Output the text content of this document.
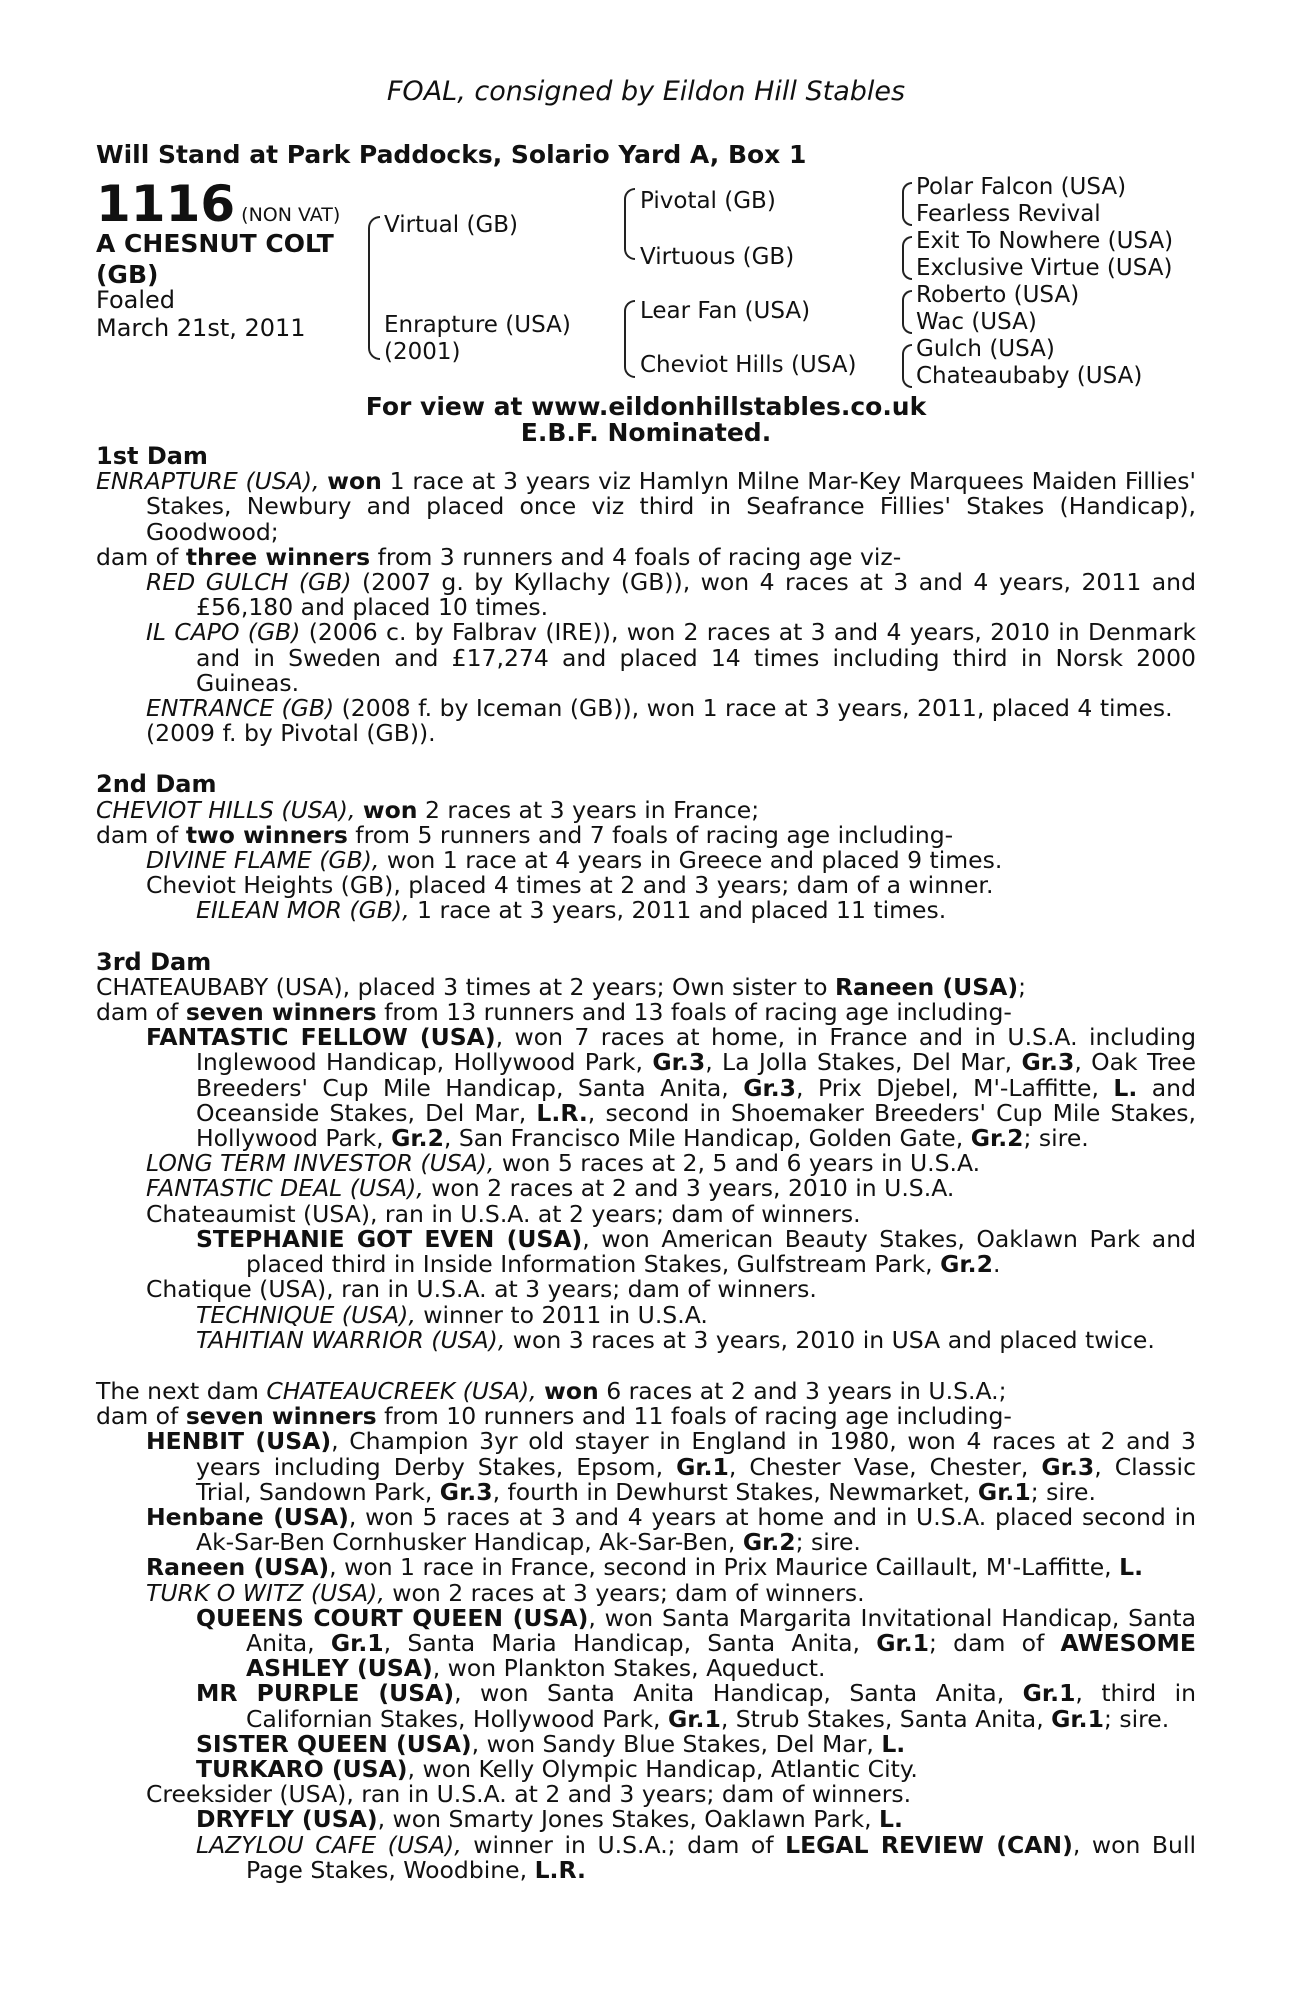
FOAL, consigned by Eildon Hill Stables
Will Stand at Park Paddocks, Solario Yard A, Box 1
1116 (NON VAT)
A CHESNUT COLT
(GB)
Foaled
March 21st, 2011
Virtual (GB)
Enrapture (USA)
(2001)
Pivotal (GB)
Virtuous (GB)
Lear Fan (USA)
Cheviot Hills (USA)
Polar Falcon (USA)
Fearless Revival
Exit To Nowhere (USA)
Exclusive Virtue (USA)
Roberto (USA)
Wac (USA)
Gulch (USA)
Chateaubaby (USA)
For view at www.eildonhillstables.co.uk
E.B.F. Nominated.

1st Dam

ENRAPTURE (USA), won 1 race at 3 years viz Hamlyn Milne Mar-Key Marquees Maiden Fillies' Stakes, Newbury and placed once viz third in Seafrance Fillies' Stakes (Handicap), Goodwood;

dam of three winners from 3 runners and 4 foals of racing age viz-

RED GULCH (GB) (2007 g. by Kyllachy (GB)), won 4 races at 3 and 4 years, 2011 and £56,180 and placed 10 times.

IL CAPO (GB) (2006 c. by Falbrav (IRE)), won 2 races at 3 and 4 years, 2010 in Denmark and in Sweden and £17,274 and placed 14 times including third in Norsk 2000 Guineas.

ENTRANCE (GB) (2008 f. by Iceman (GB)), won 1 race at 3 years, 2011, placed 4 times.

(2009 f. by Pivotal (GB)).

2nd Dam

CHEVIOT HILLS (USA), won 2 races at 3 years in France;

dam of two winners from 5 runners and 7 foals of racing age including-

DIVINE FLAME (GB), won 1 race at 4 years in Greece and placed 9 times.

Cheviot Heights (GB), placed 4 times at 2 and 3 years; dam of a winner.

EILEAN MOR (GB), 1 race at 3 years, 2011 and placed 11 times.

3rd Dam

CHATEAUBABY (USA), placed 3 times at 2 years; Own sister to Raneen (USA);

dam of seven winners from 13 runners and 13 foals of racing age including-

FANTASTIC FELLOW (USA), won 7 races at home, in France and in U.S.A. including Inglewood Handicap, Hollywood Park, Gr.3, La Jolla Stakes, Del Mar, Gr.3, Oak Tree Breeders' Cup Mile Handicap, Santa Anita, Gr.3, Prix Djebel, M'-Laffitte, L. and Oceanside Stakes, Del Mar, L.R., second in Shoemaker Breeders' Cup Mile Stakes, Hollywood Park, Gr.2, San Francisco Mile Handicap, Golden Gate, Gr.2; sire.

LONG TERM INVESTOR (USA), won 5 races at 2, 5 and 6 years in U.S.A.

FANTASTIC DEAL (USA), won 2 races at 2 and 3 years, 2010 in U.S.A.

Chateaumist (USA), ran in U.S.A. at 2 years; dam of winners.

STEPHANIE GOT EVEN (USA), won American Beauty Stakes, Oaklawn Park and placed third in Inside Information Stakes, Gulfstream Park, Gr.2.

Chatique (USA), ran in U.S.A. at 3 years; dam of winners.

TECHNIQUE (USA), winner to 2011 in U.S.A.

TAHITIAN WARRIOR (USA), won 3 races at 3 years, 2010 in USA and placed twice.

The next dam CHATEAUCREEK (USA), won 6 races at 2 and 3 years in U.S.A.;

dam of seven winners from 10 runners and 11 foals of racing age including-

HENBIT (USA), Champion 3yr old stayer in England in 1980, won 4 races at 2 and 3 years including Derby Stakes, Epsom, Gr.1, Chester Vase, Chester, Gr.3, Classic Trial, Sandown Park, Gr.3, fourth in Dewhurst Stakes, Newmarket, Gr.1; sire.

Henbane (USA), won 5 races at 3 and 4 years at home and in U.S.A. placed second in Ak-Sar-Ben Cornhusker Handicap, Ak-Sar-Ben, Gr.2; sire.

Raneen (USA), won 1 race in France, second in Prix Maurice Caillault, M'-Laffitte, L.

TURK O WITZ (USA), won 2 races at 3 years; dam of winners.

QUEENS COURT QUEEN (USA), won Santa Margarita Invitational Handicap, Santa Anita, Gr.1, Santa Maria Handicap, Santa Anita, Gr.1; dam of AWESOME ASHLEY (USA), won Plankton Stakes, Aqueduct.

MR PURPLE (USA), won Santa Anita Handicap, Santa Anita, Gr.1, third in Californian Stakes, Hollywood Park, Gr.1, Strub Stakes, Santa Anita, Gr.1; sire.

SISTER QUEEN (USA), won Sandy Blue Stakes, Del Mar, L.

TURKARO (USA), won Kelly Olympic Handicap, Atlantic City.

Creeksider (USA), ran in U.S.A. at 2 and 3 years; dam of winners.

DRYFLY (USA), won Smarty Jones Stakes, Oaklawn Park, L.

LAZYLOU CAFE (USA), winner in U.S.A.; dam of LEGAL REVIEW (CAN), won Bull Page Stakes, Woodbine, L.R.
